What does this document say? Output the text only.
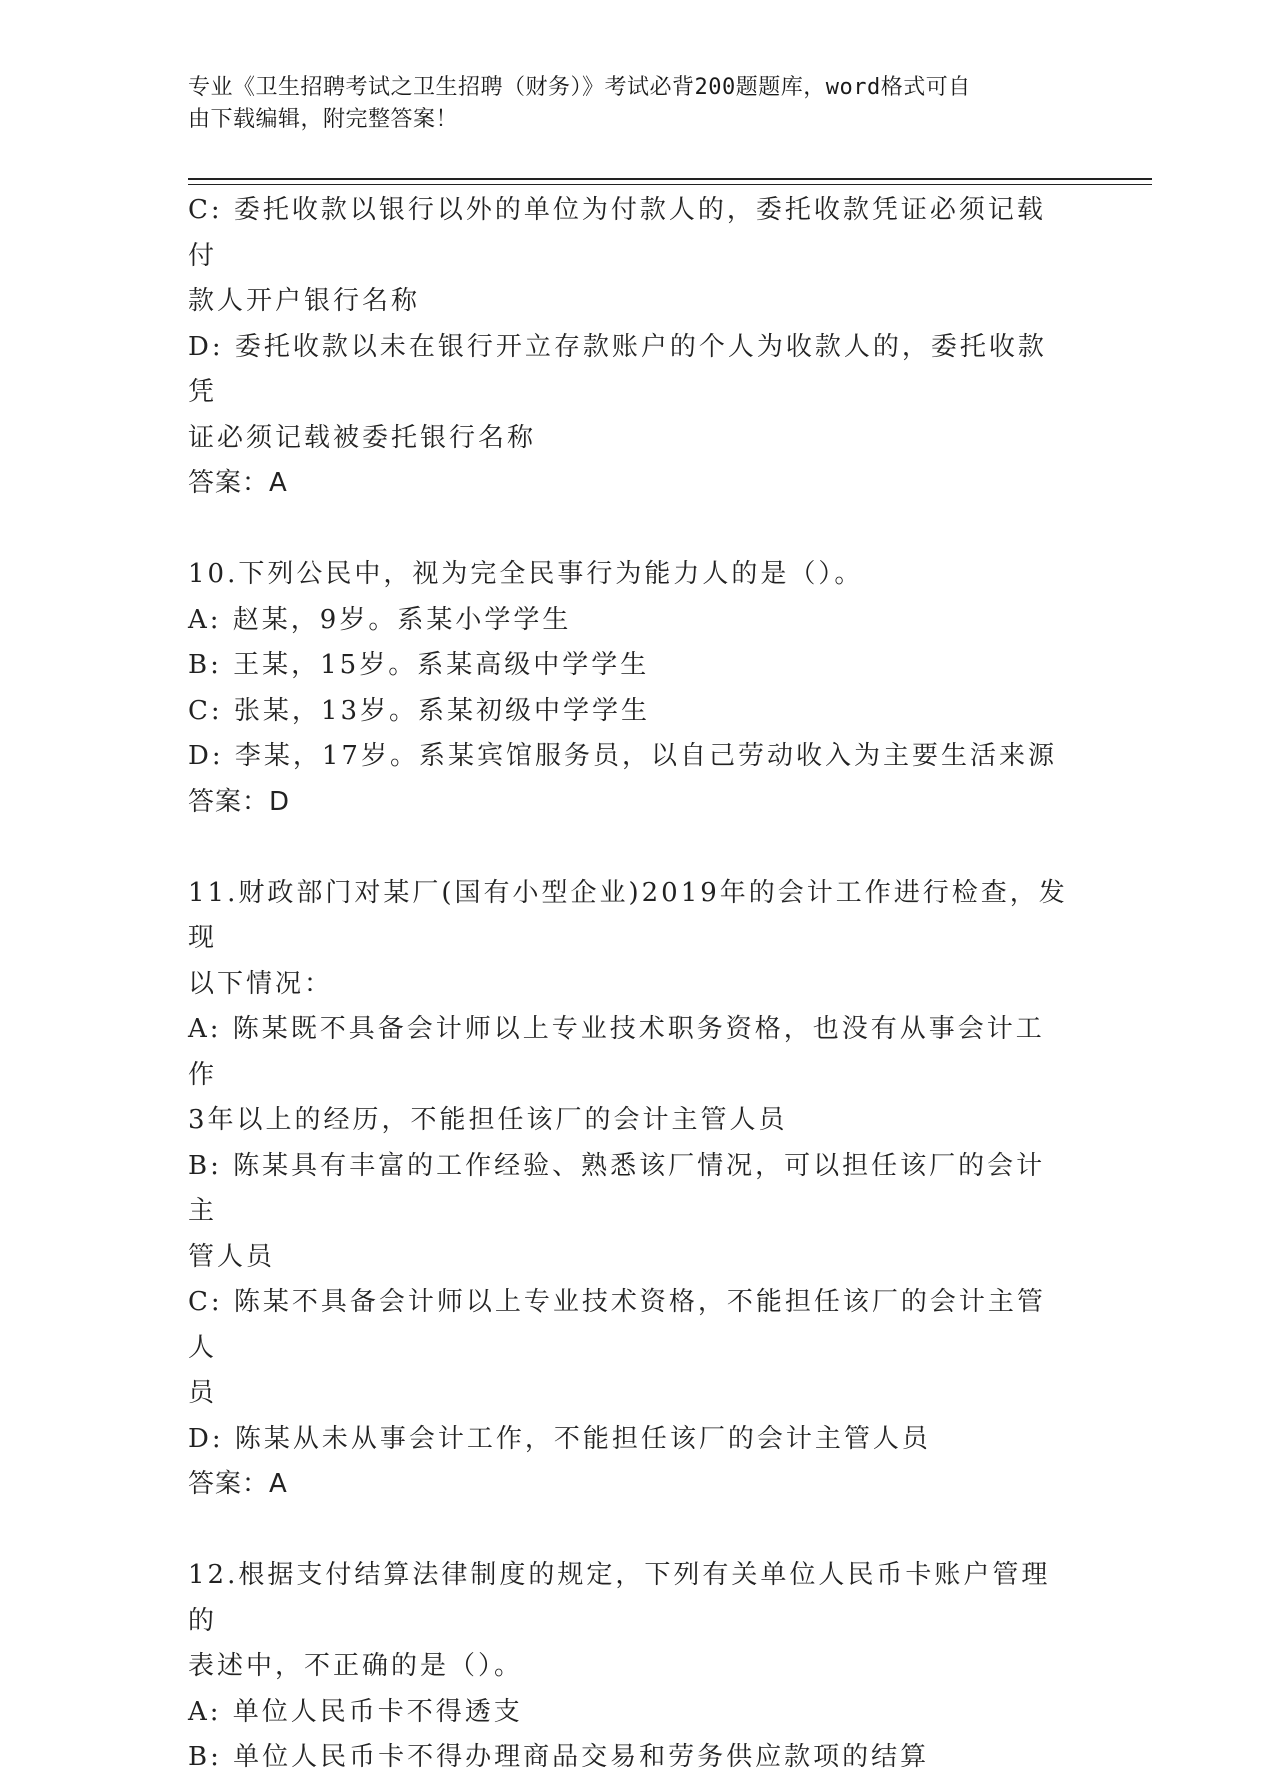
专业《卫生招聘考试之卫生招聘（财务）》考试必背200题题库，word格式可自
由下载编辑，附完整答案！

C: 委托收款以银行以外的单位为付款人的，委托收款凭证必须记载付

款人开户银行名称

D: 委托收款以未在银行开立存款账户的个人为收款人的，委托收款凭

证必须记载被委托银行名称

答案：A

10.下列公民中，视为完全民事行为能力人的是（）。

A: 赵某，9岁。系某小学学生

B: 王某，15岁。系某高级中学学生

C: 张某，13岁。系某初级中学学生

D: 李某，17岁。系某宾馆服务员，以自己劳动收入为主要生活来源

答案：D

11.财政部门对某厂(国有小型企业)2019年的会计工作进行检查，发现

以下情况：

A: 陈某既不具备会计师以上专业技术职务资格，也没有从事会计工作

3年以上的经历，不能担任该厂的会计主管人员

B: 陈某具有丰富的工作经验、熟悉该厂情况，可以担任该厂的会计主

管人员

C: 陈某不具备会计师以上专业技术资格，不能担任该厂的会计主管人

员

D: 陈某从未从事会计工作，不能担任该厂的会计主管人员

答案：A

12.根据支付结算法律制度的规定，下列有关单位人民币卡账户管理的

表述中，不正确的是（）。

A: 单位人民币卡不得透支

B: 单位人民币卡不得办理商品交易和劳务供应款项的结算
